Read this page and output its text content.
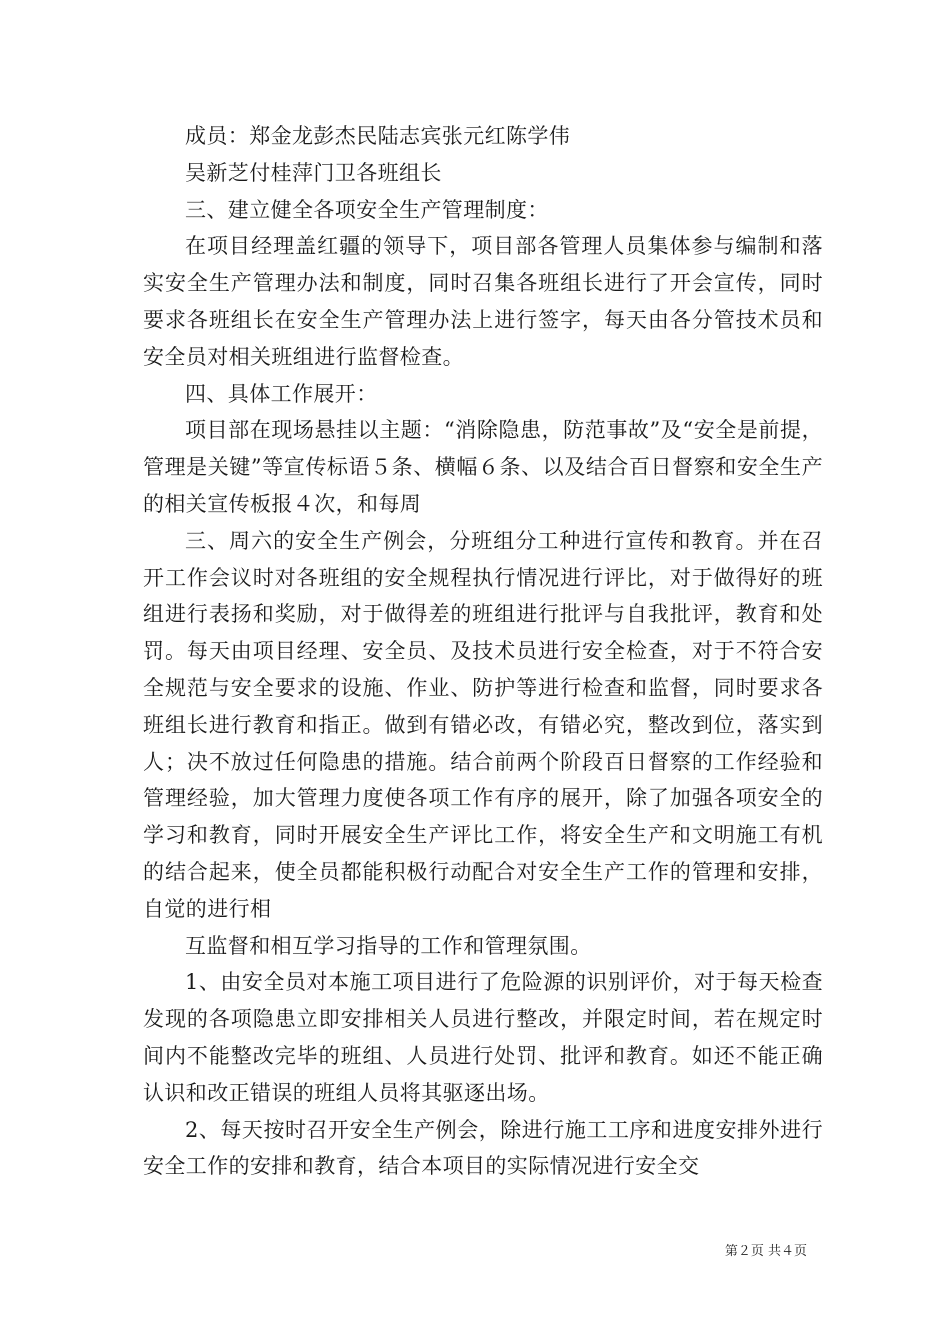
成员：郑金龙彭杰民陆志宾张元红陈学伟

吴新芝付桂萍门卫各班组长

三、建立健全各项安全生产管理制度：

在项目经理盖红疆的领导下，项目部各管理人员集体参与编制和落实安全生产管理办法和制度，同时召集各班组长进行了开会宣传，同时要求各班组长在安全生产管理办法上进行签字，每天由各分管技术员和安全员对相关班组进行监督检查。

四、具体工作展开：

项目部在现场悬挂以主题：“消除隐患，防范事故”及“安全是前提，管理是关键”等宣传标语５条、横幅６条、以及结合百日督察和安全生产的相关宣传板报４次，和每周

三、周六的安全生产例会，分班组分工种进行宣传和教育。并在召开工作会议时对各班组的安全规程执行情况进行评比，对于做得好的班组进行表扬和奖励，对于做得差的班组进行批评与自我批评，教育和处罚。每天由项目经理、安全员、及技术员进行安全检查，对于不符合安全规范与安全要求的设施、作业、防护等进行检查和监督，同时要求各班组长进行教育和指正。做到有错必改，有错必究，整改到位，落实到人；决不放过任何隐患的措施。结合前两个阶段百日督察的工作经验和管理经验，加大管理力度使各项工作有序的展开，除了加强各项安全的学习和教育，同时开展安全生产评比工作，将安全生产和文明施工有机的结合起来，使全员都能积极行动配合对安全生产工作的管理和安排，自觉的进行相

互监督和相互学习指导的工作和管理氛围。

1、由安全员对本施工项目进行了危险源的识别评价，对于每天检查发现的各项隐患立即安排相关人员进行整改，并限定时间，若在规定时间内不能整改完毕的班组、人员进行处罚、批评和教育。如还不能正确认识和改正错误的班组人员将其驱逐出场。

2、每天按时召开安全生产例会，除进行施工工序和进度安排外进行安全工作的安排和教育，结合本项目的实际情况进行安全交

第２页 共４页
